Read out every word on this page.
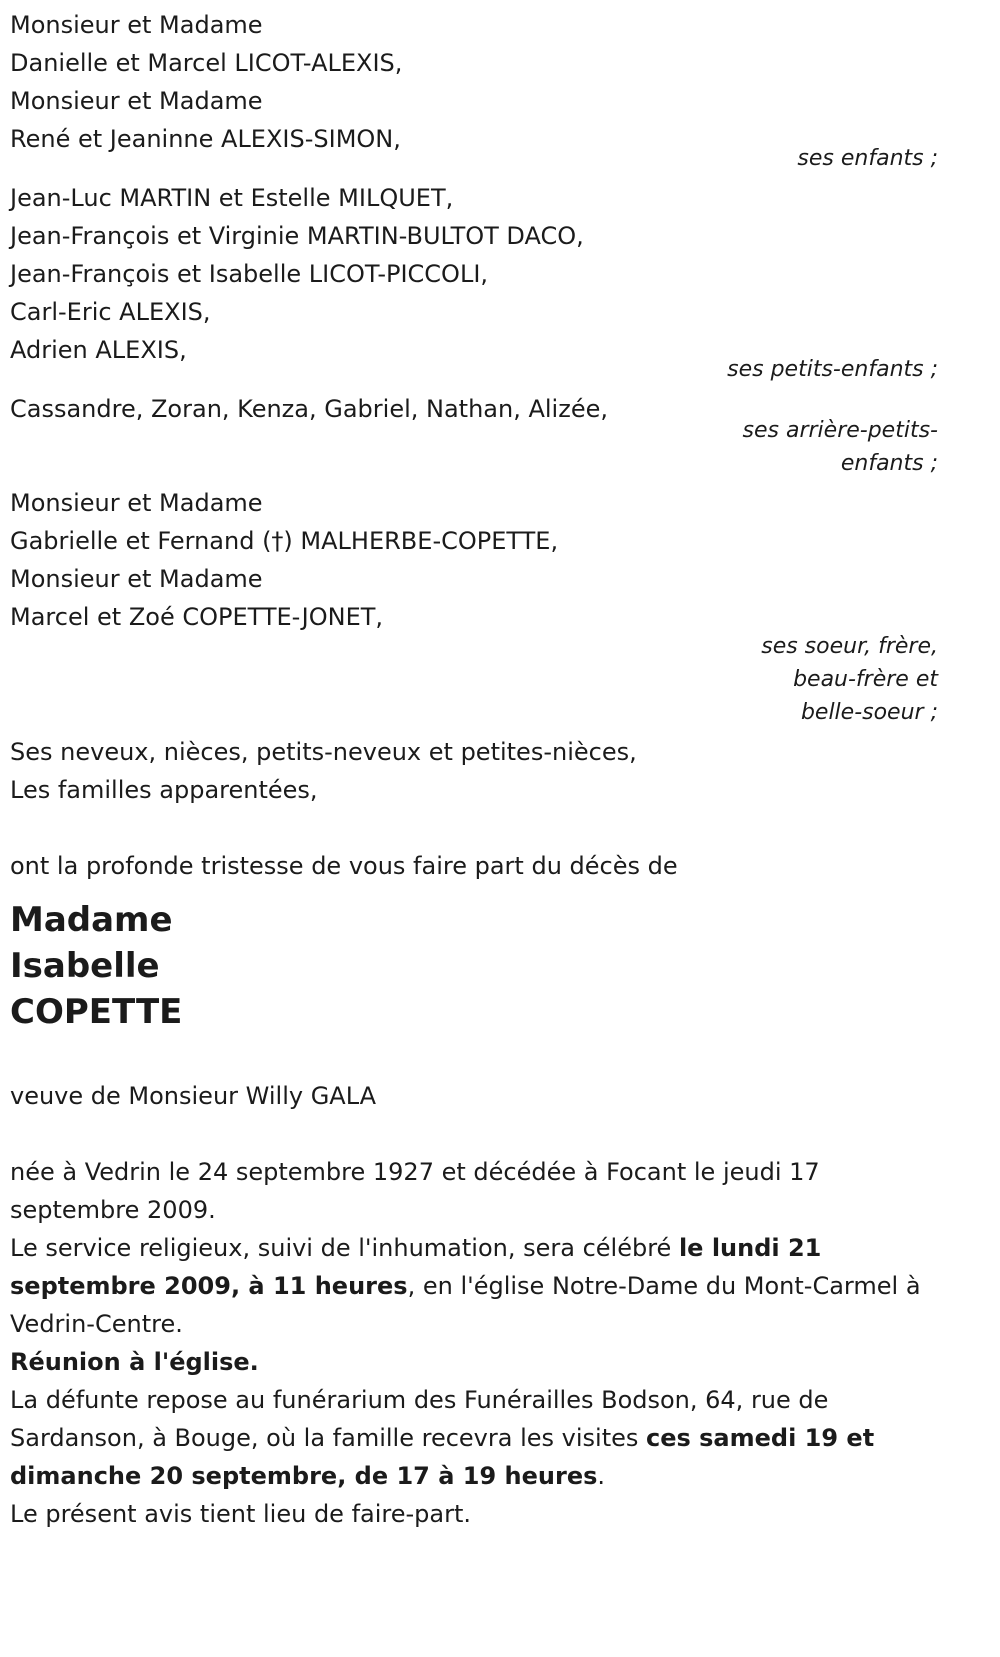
Monsieur et Madame

Danielle et Marcel LICOT-ALEXIS,

Monsieur et Madame

René et Jeaninne ALEXIS-SIMON,

ses enfants ;

Jean-Luc MARTIN et Estelle MILQUET,

Jean-François et Virginie MARTIN-BULTOT DACO,

Jean-François et Isabelle LICOT-PICCOLI,

Carl-Eric ALEXIS,

Adrien ALEXIS,

ses petits-enfants ;

Cassandre, Zoran, Kenza, Gabriel, Nathan, Alizée,

ses arrière-petits-
enfants ;

Monsieur et Madame

Gabrielle et Fernand (†) MALHERBE-COPETTE,

Monsieur et Madame

Marcel et Zoé COPETTE-JONET,

ses soeur, frère,
beau-frère et
belle-soeur ;

Ses neveux, nièces, petits-neveux et petites-nièces,

Les familles apparentées,

ont la profonde tristesse de vous faire part du décès de

Madame

Isabelle

COPETTE

veuve de Monsieur Willy GALA

née à Vedrin le 24 septembre 1927 et décédée à Focant le jeudi 17 septembre 2009.

Le service religieux, suivi de l'inhumation, sera célébré le lundi 21 septembre 2009, à 11 heures, en l'église Notre-Dame du Mont-Carmel à Vedrin-Centre.

Réunion à l'église.

La défunte repose au funérarium des Funérailles Bodson, 64, rue de Sardanson, à Bouge, où la famille recevra les visites ces samedi 19 et dimanche 20 septembre, de 17 à 19 heures.

Le présent avis tient lieu de faire-part.
